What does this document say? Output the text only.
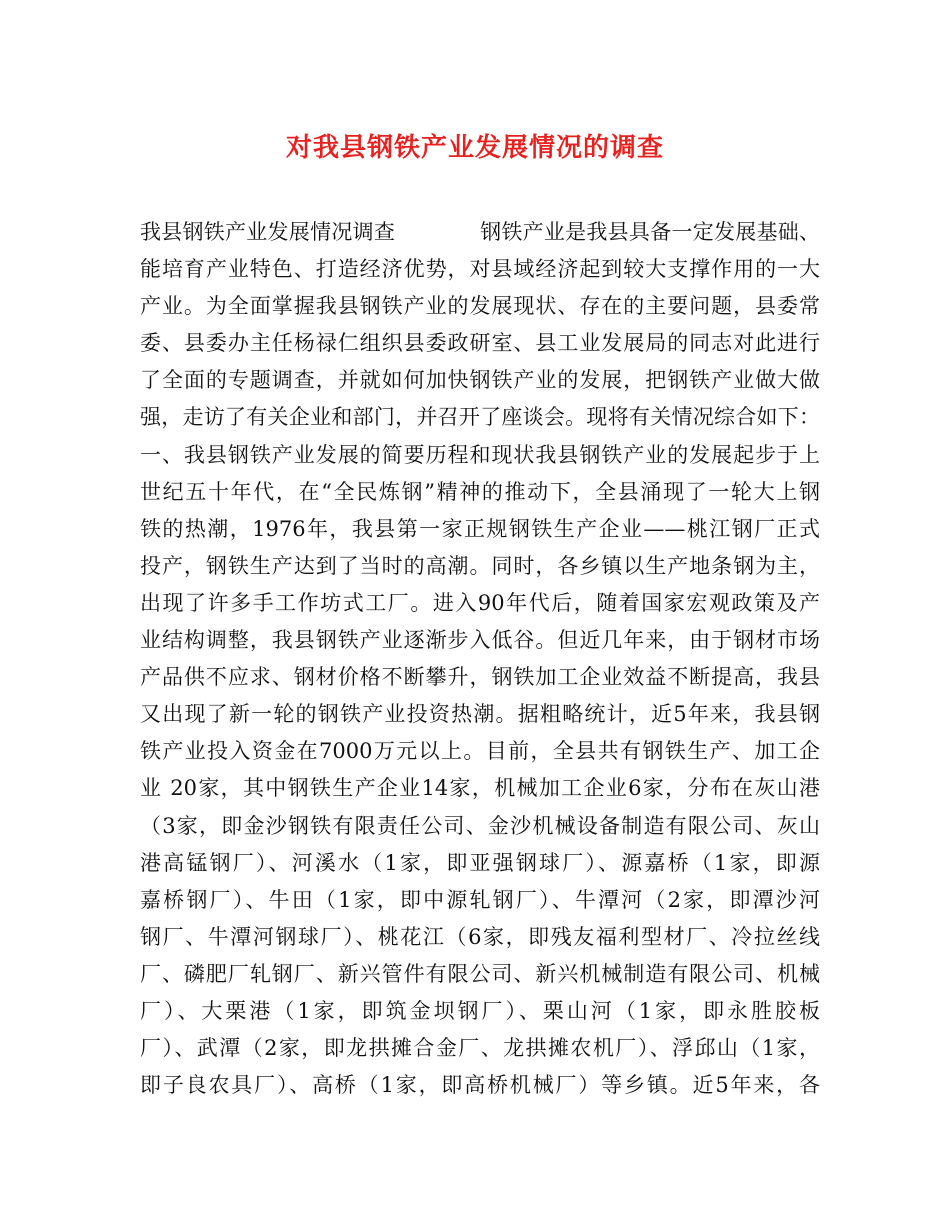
对我县钢铁产业发展情况的调查
我县钢铁产业发展情况调查　　　　钢铁产业是我县具备一定发展基础、
能培育产业特色、打造经济优势，对县域经济起到较大支撑作用的一大
产业。为全面掌握我县钢铁产业的发展现状、存在的主要问题，县委常
委、县委办主任杨禄仁组织县委政研室、县工业发展局的同志对此进行
了全面的专题调查，并就如何加快钢铁产业的发展，把钢铁产业做大做
强，走访了有关企业和部门，并召开了座谈会。现将有关情况综合如下：
一、我县钢铁产业发展的简要历程和现状我县钢铁产业的发展起步于上
世纪五十年代，在“全民炼钢”精神的推动下，全县涌现了一轮大上钢
铁的热潮，1976年，我县第一家正规钢铁生产企业——桃江钢厂正式
投产，钢铁生产达到了当时的高潮。同时，各乡镇以生产地条钢为主，
出现了许多手工作坊式工厂。进入90年代后，随着国家宏观政策及产
业结构调整，我县钢铁产业逐渐步入低谷。但近几年来，由于钢材市场
产品供不应求、钢材价格不断攀升，钢铁加工企业效益不断提高，我县
又出现了新一轮的钢铁产业投资热潮。据粗略统计，近5年来，我县钢
铁产业投入资金在7000万元以上。目前，全县共有钢铁生产、加工企
业 20家，其中钢铁生产企业14家，机械加工企业6家，分布在灰山港
（3家，即金沙钢铁有限责任公司、金沙机械设备制造有限公司、灰山
港高锰钢厂）、河溪水（1家，即亚强钢球厂）、源嘉桥（1家，即源
嘉桥钢厂）、牛田（1家，即中源轧钢厂）、牛潭河（2家，即潭沙河
钢厂、牛潭河钢球厂）、桃花江（6家，即残友福利型材厂、冷拉丝线
厂、磷肥厂轧钢厂、新兴管件有限公司、新兴机械制造有限公司、机械
厂）、大栗港（1家，即筑金坝钢厂）、栗山河（1家，即永胜胶板
厂）、武潭（2家，即龙拱摊合金厂、龙拱摊农机厂）、浮邱山（1家，
即子良农具厂）、高桥（1家，即高桥机械厂）等乡镇。近5年来，各
